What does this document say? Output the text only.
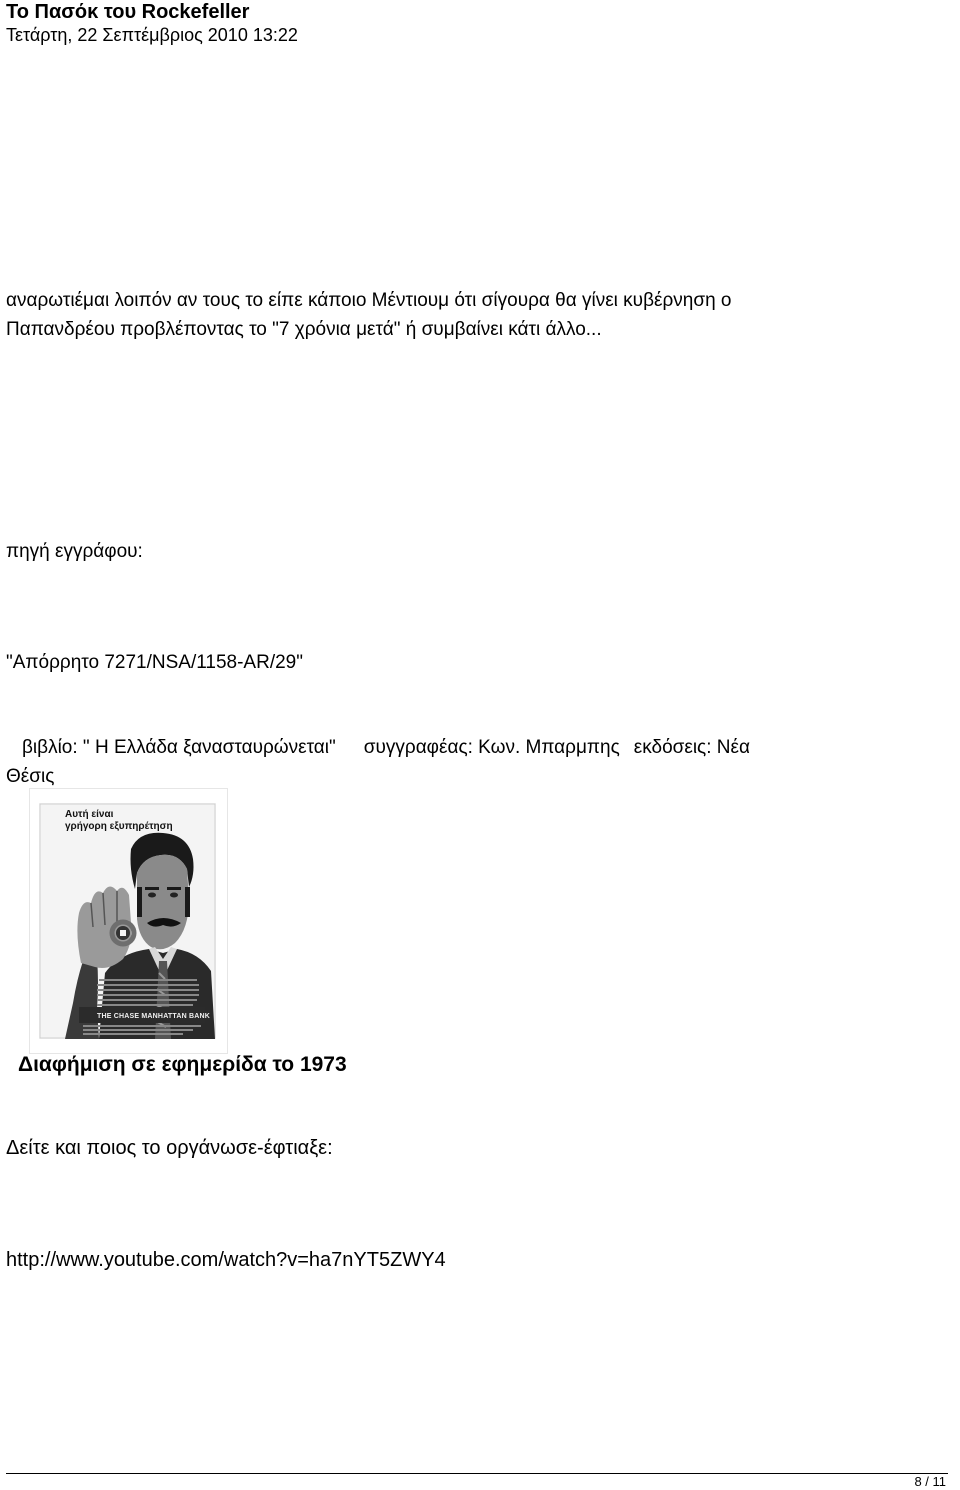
Το Πασόκ του Rockefeller
Τετάρτη, 22 Σεπτέμβριος 2010 13:22
αναρωτιέμαι λοιπόν αν τους το είπε κάποιο Μέντιουμ ότι σίγουρα θα γίνει κυβέρνηση ο
Παπανδρέου προβλέποντας το "7 χρόνια μετά" ή συμβαίνει κάτι άλλο...
πηγή εγγράφου:
"Απόρρητο 7271/NSA/1158-AR/29"
βιβλίο: " Η Ελλάδα ξανασταυρώνεται" συγγραφέας: Κων. Μπαρμπης εκδόσεις: Νέα
Θέσις
Αυτή είναι
γρήγορη εξυπηρέτηση
THE CHASE MANHATTAN BANK
Διαφήμιση σε εφημερίδα το 1973
Δείτε και ποιος το οργάνωσε-έφτιαξε:
http://www.youtube.com/watch?v=ha7nYT5ZWY4
8 / 11
